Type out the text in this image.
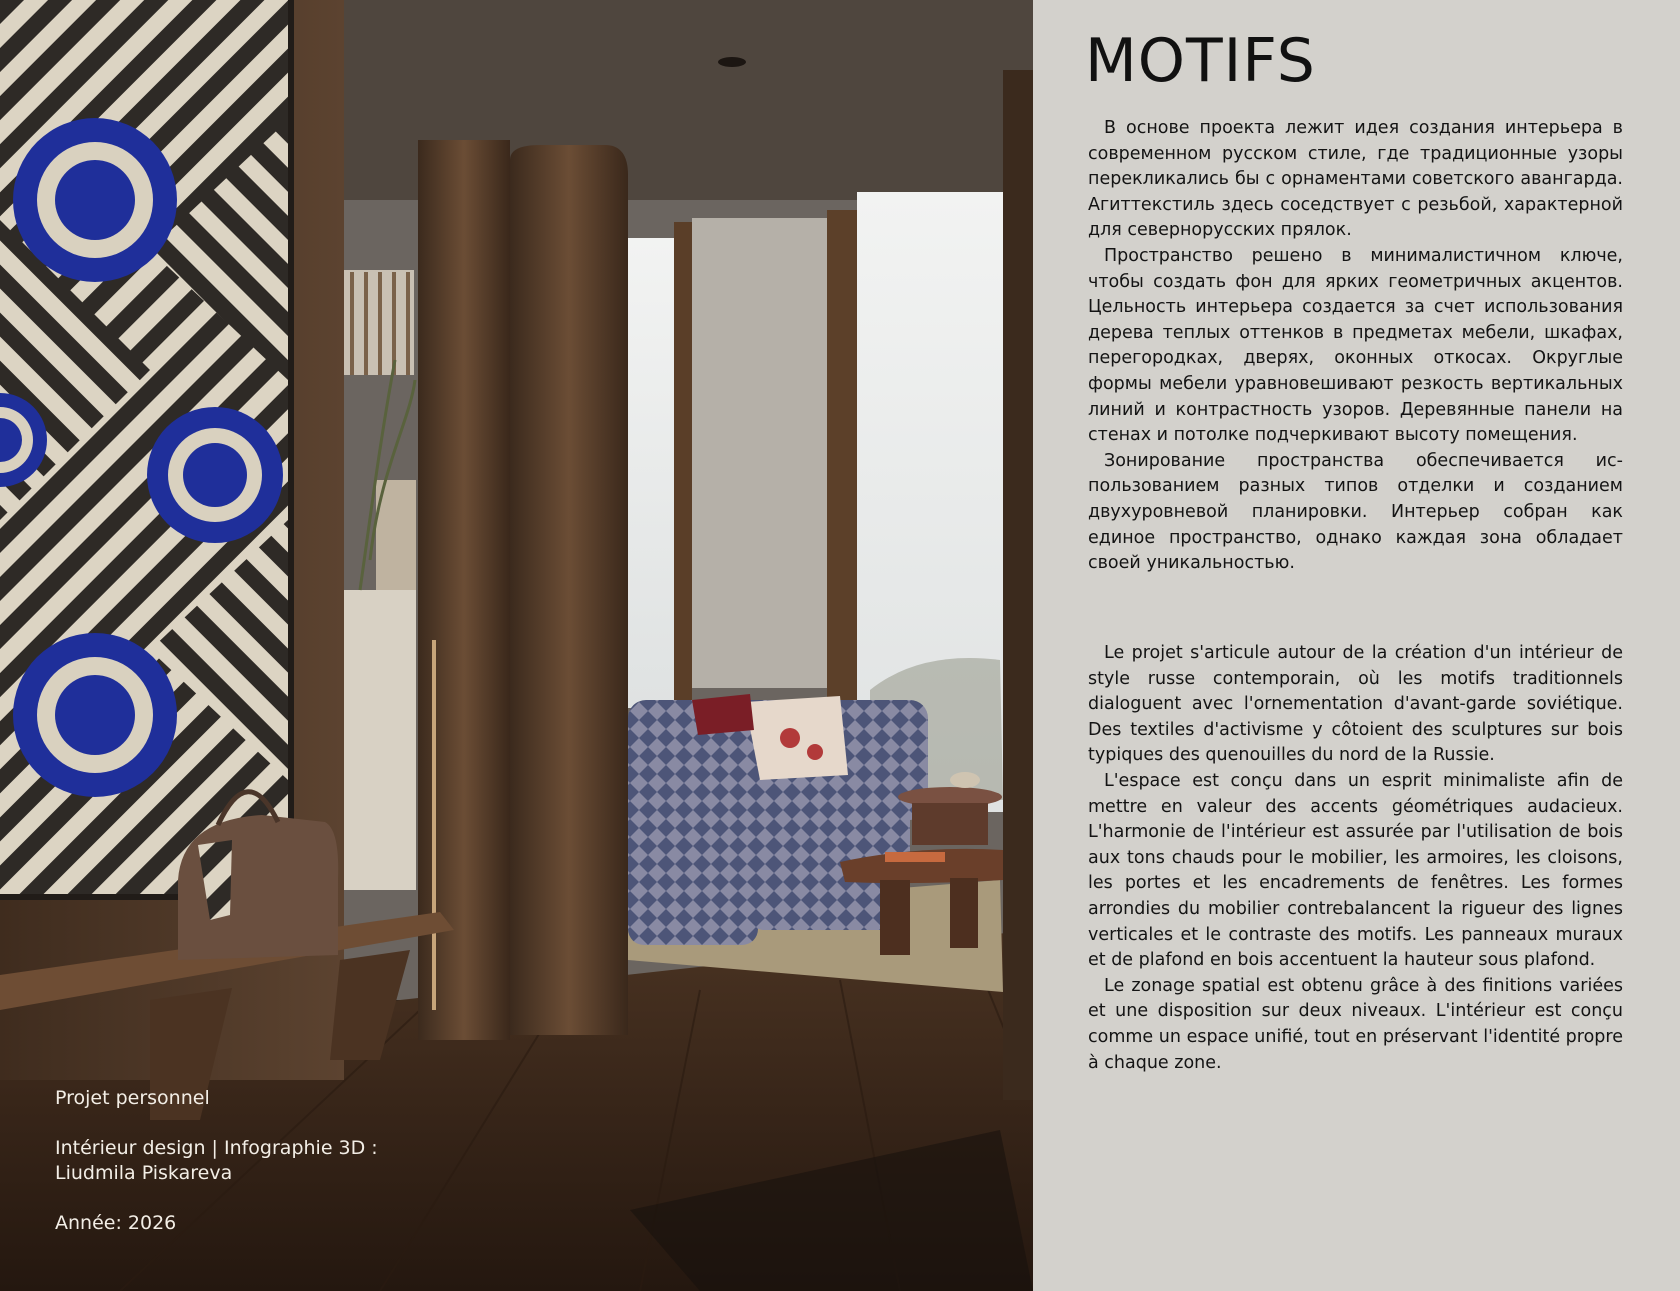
Projet personnel
Intérieur design | Infographie 3D :
Liudmila Piskareva
Année: 2026
MOTIFS

В основе проекта лежит идея создания интерьера в современном русском стиле, где традиционные узоры перекликались бы с орнаментами советского авангарда. Агиттекстиль здесь соседствует с резьбой, характерной для севернорусских прялок.

Пространство решено в минималистичном ключе, чтобы создать фон для ярких геометричных акцентов. Цельность интерьера создается за счет использования дерева теплых оттенков в предметах мебели, шкафах, перегородках, дверях, оконных откосах. Округлые формы мебели уравновешивают резкость вертикальных линий и контрастность узоров. Деревянные панели на стенах и потолке подчеркивают высоту помещения.

Зонирование пространства обеспечивается использованием разных типов отделки и созданием двухуровневой планировки. Интерьер собран как единое пространство, однако каждая зона обладает своей уникальностью.

Le projet s'articule autour de la création d'un intérieur de style russe contemporain, où les motifs traditionnels dialoguent avec l'ornementation d'avant-garde soviétique. Des textiles d'activisme y côtoient des sculptures sur bois typiques des quenouilles du nord de la Russie.

L'espace est conçu dans un esprit minimaliste afin de mettre en valeur des accents géométriques audacieux. L'harmonie de l'intérieur est assurée par l'utilisation de bois aux tons chauds pour le mobilier, les armoires, les cloisons, les portes et les encadrements de fenêtres. Les formes arrondies du mobilier contrebalancent la rigueur des lignes verticales et le contraste des motifs. Les panneaux muraux et de plafond en bois accentuent la hauteur sous plafond.

Le zonage spatial est obtenu grâce à des finitions variées et une disposition sur deux niveaux. L'intérieur est conçu comme un espace unifié, tout en préservant l'identité propre à chaque zone.
